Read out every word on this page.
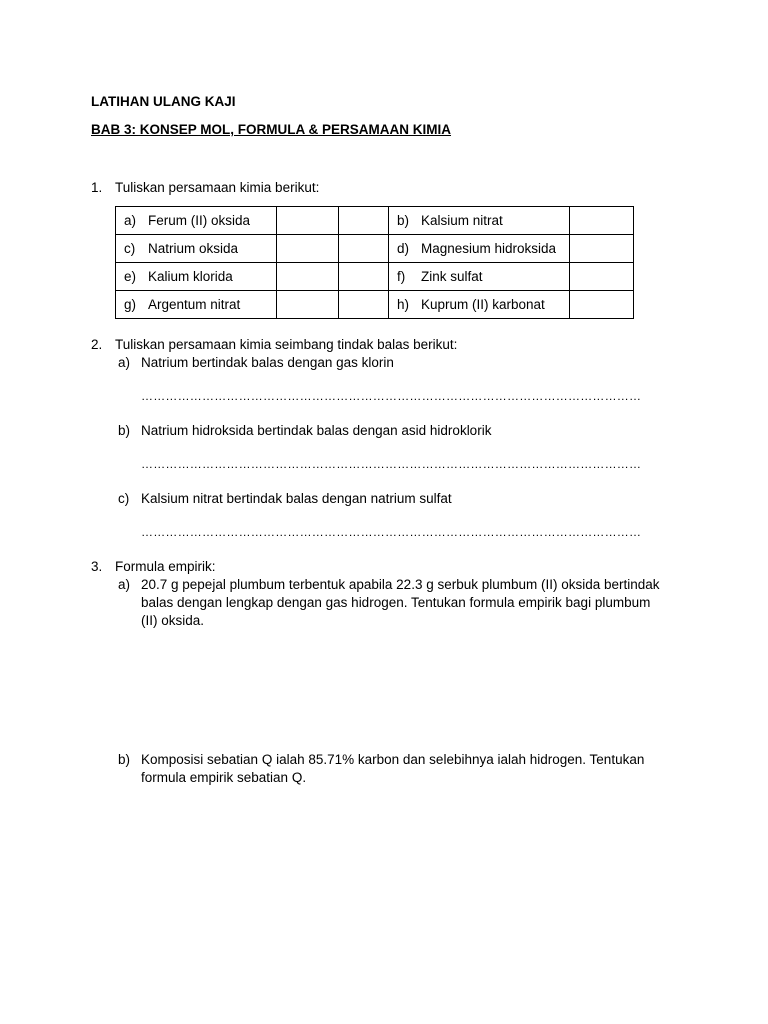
LATIHAN ULANG KAJI
BAB 3: KONSEP MOL, FORMULA & PERSAMAAN KIMIA
1. Tuliskan persamaan kimia berikut:
a) Ferum (II) oksida			b) Kalsium nitrat	
c) Natrium oksida			d) Magnesium hidroksida	
e) Kalium klorida			f) Zink sulfat	
g) Argentum nitrat			h) Kuprum (II) karbonat	
2. Tuliskan persamaan kimia seimbang tindak balas berikut:
a) Natrium bertindak balas dengan gas klorin
……………………………………………………………………………………………………………
b) Natrium hidroksida bertindak balas dengan asid hidroklorik
……………………………………………………………………………………………………………
c) Kalsium nitrat bertindak balas dengan natrium sulfat
……………………………………………………………………………………………………………
3. Formula empirik:
a) 20.7 g pepejal plumbum terbentuk apabila 22.3 g serbuk plumbum (II) oksida bertindak
balas dengan lengkap dengan gas hidrogen. Tentukan formula empirik bagi plumbum
(II) oksida.
b) Komposisi sebatian Q ialah 85.71% karbon dan selebihnya ialah hidrogen. Tentukan
formula empirik sebatian Q.
